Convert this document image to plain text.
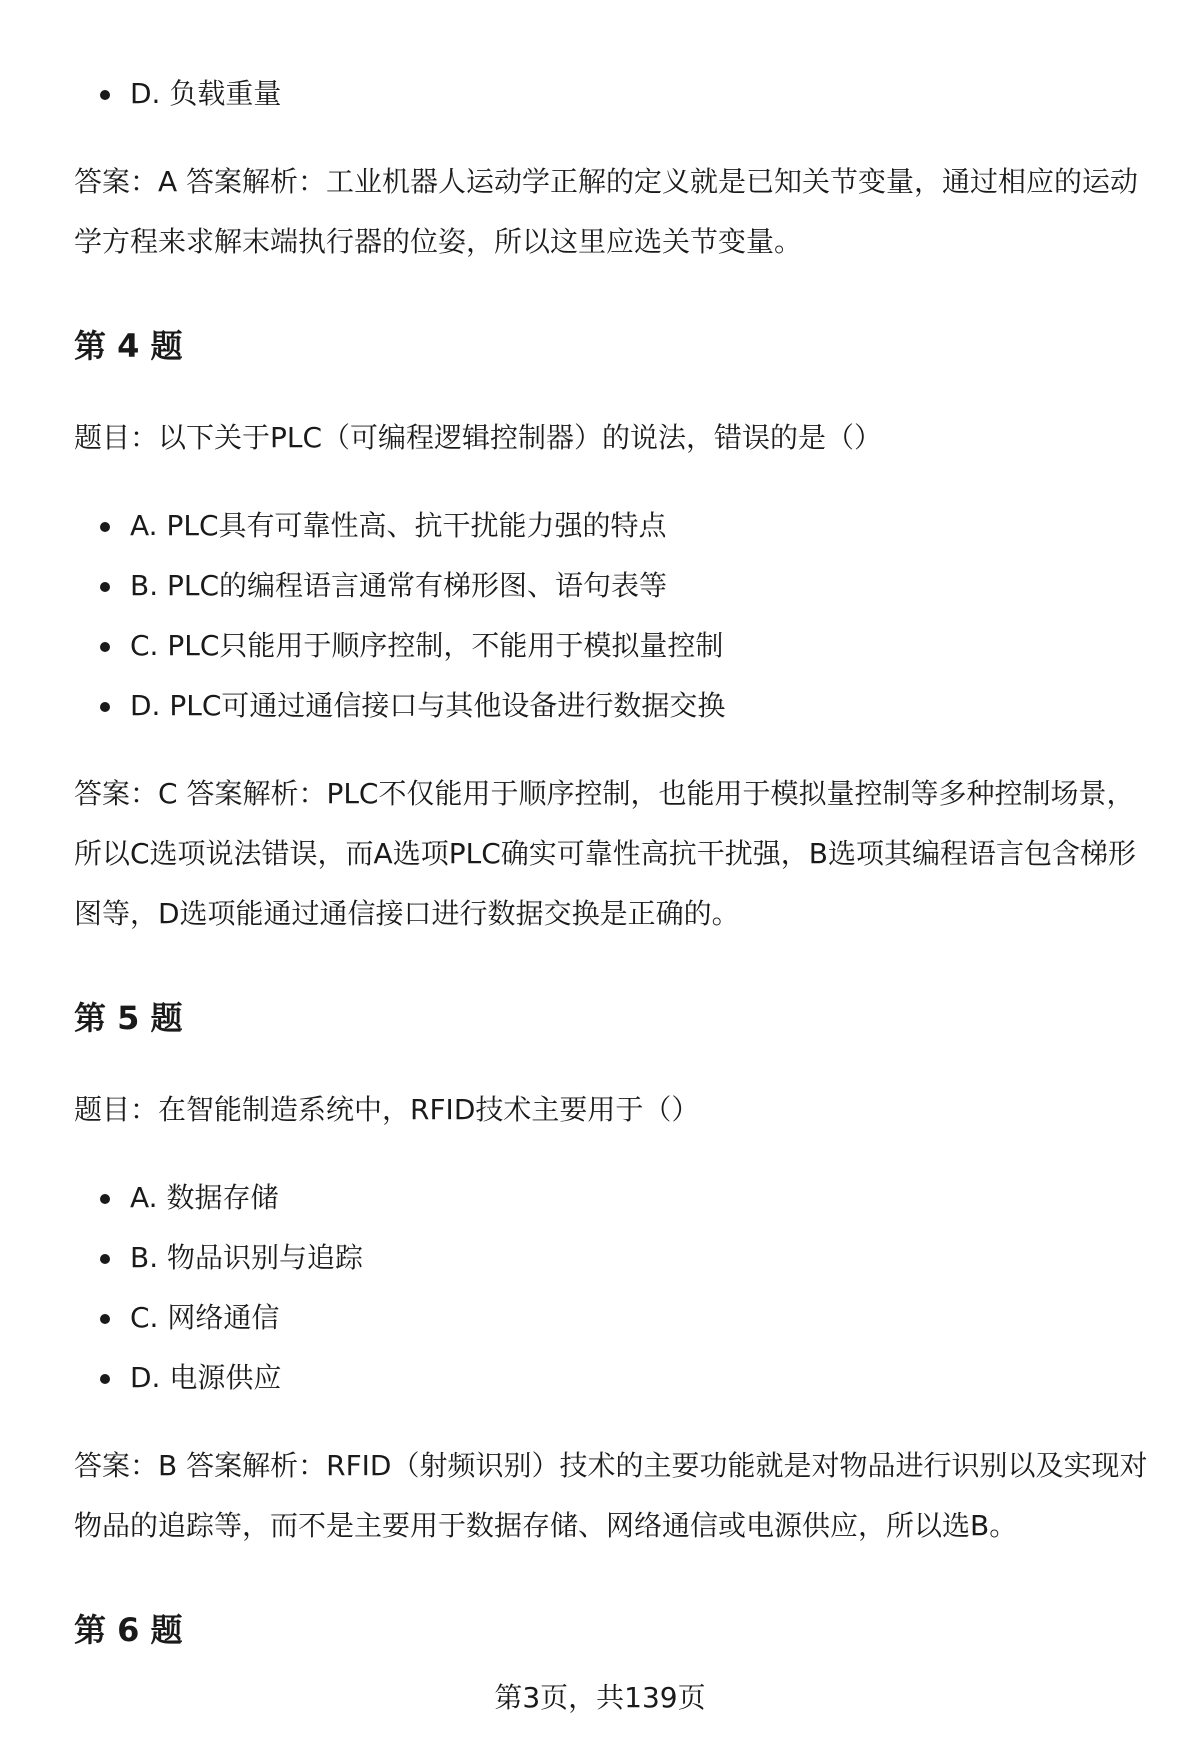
D. 负载重量

答案：A 答案解析：工业机器人运动学正解的定义就是已知关节变量，通过相应的运动学方程来求解末端执行器的位姿，所以这里应选关节变量。

第 4 题

题目：以下关于PLC（可编程逻辑控制器）的说法，错误的是（）

A. PLC具有可靠性高、抗干扰能力强的特点
B. PLC的编程语言通常有梯形图、语句表等
C. PLC只能用于顺序控制，不能用于模拟量控制
D. PLC可通过通信接口与其他设备进行数据交换

答案：C 答案解析：PLC不仅能用于顺序控制，也能用于模拟量控制等多种控制场景，所以C选项说法错误，而A选项PLC确实可靠性高抗干扰强，B选项其编程语言包含梯形图等，D选项能通过通信接口进行数据交换是正确的。

第 5 题

题目：在智能制造系统中，RFID技术主要用于（）

A. 数据存储
B. 物品识别与追踪
C. 网络通信
D. 电源供应

答案：B 答案解析：RFID（射频识别）技术的主要功能就是对物品进行识别以及实现对物品的追踪等，而不是主要用于数据存储、网络通信或电源供应，所以选B。

第 6 题
第3页，共139页
